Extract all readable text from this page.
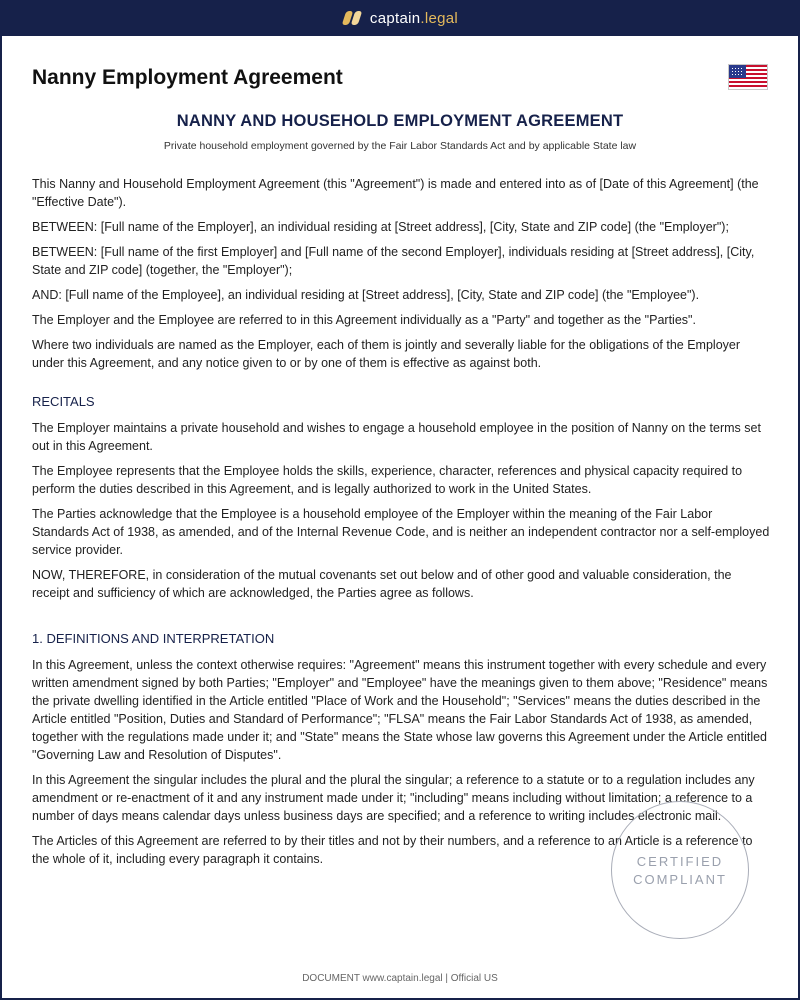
captain.legal
Nanny Employment Agreement
NANNY AND HOUSEHOLD EMPLOYMENT AGREEMENT
Private household employment governed by the Fair Labor Standards Act and by applicable State law

This Nanny and Household Employment Agreement (this "Agreement") is made and entered into as of [Date of this Agreement] (the "Effective Date").

BETWEEN: [Full name of the Employer], an individual residing at [Street address], [City, State and ZIP code] (the "Employer");

BETWEEN: [Full name of the first Employer] and [Full name of the second Employer], individuals residing at [Street address], [City, State and ZIP code] (together, the "Employer");

AND: [Full name of the Employee], an individual residing at [Street address], [City, State and ZIP code] (the "Employee").

The Employer and the Employee are referred to in this Agreement individually as a "Party" and together as the "Parties".

Where two individuals are named as the Employer, each of them is jointly and severally liable for the obligations of the Employer under this Agreement, and any notice given to or by one of them is effective as against both.

RECITALS

The Employer maintains a private household and wishes to engage a household employee in the position of Nanny on the terms set out in this Agreement.

The Employee represents that the Employee holds the skills, experience, character, references and physical capacity required to perform the duties described in this Agreement, and is legally authorized to work in the United States.

The Parties acknowledge that the Employee is a household employee of the Employer within the meaning of the Fair Labor Standards Act of 1938, as amended, and of the Internal Revenue Code, and is neither an independent contractor nor a self-employed service provider.

NOW, THEREFORE, in consideration of the mutual covenants set out below and of other good and valuable consideration, the receipt and sufficiency of which are acknowledged, the Parties agree as follows.

1. DEFINITIONS AND INTERPRETATION

In this Agreement, unless the context otherwise requires: "Agreement" means this instrument together with every schedule and every written amendment signed by both Parties; "Employer" and "Employee" have the meanings given to them above; "Residence" means the private dwelling identified in the Article entitled "Place of Work and the Household"; "Services" means the duties described in the Article entitled "Position, Duties and Standard of Performance"; "FLSA" means the Fair Labor Standards Act of 1938, as amended, together with the regulations made under it; and "State" means the State whose law governs this Agreement under the Article entitled "Governing Law and Resolution of Disputes".

In this Agreement the singular includes the plural and the plural the singular; a reference to a statute or to a regulation includes any amendment or re-enactment of it and any instrument made under it; "including" means including without limitation; a reference to a number of days means calendar days unless business days are specified; and a reference to writing includes electronic mail.

The Articles of this Agreement are referred to by their titles and not by their numbers, and a reference to an Article is a reference to the whole of it, including every paragraph it contains.	CERTIFIED
COMPLIANT
DOCUMENT www.captain.legal | Official US
